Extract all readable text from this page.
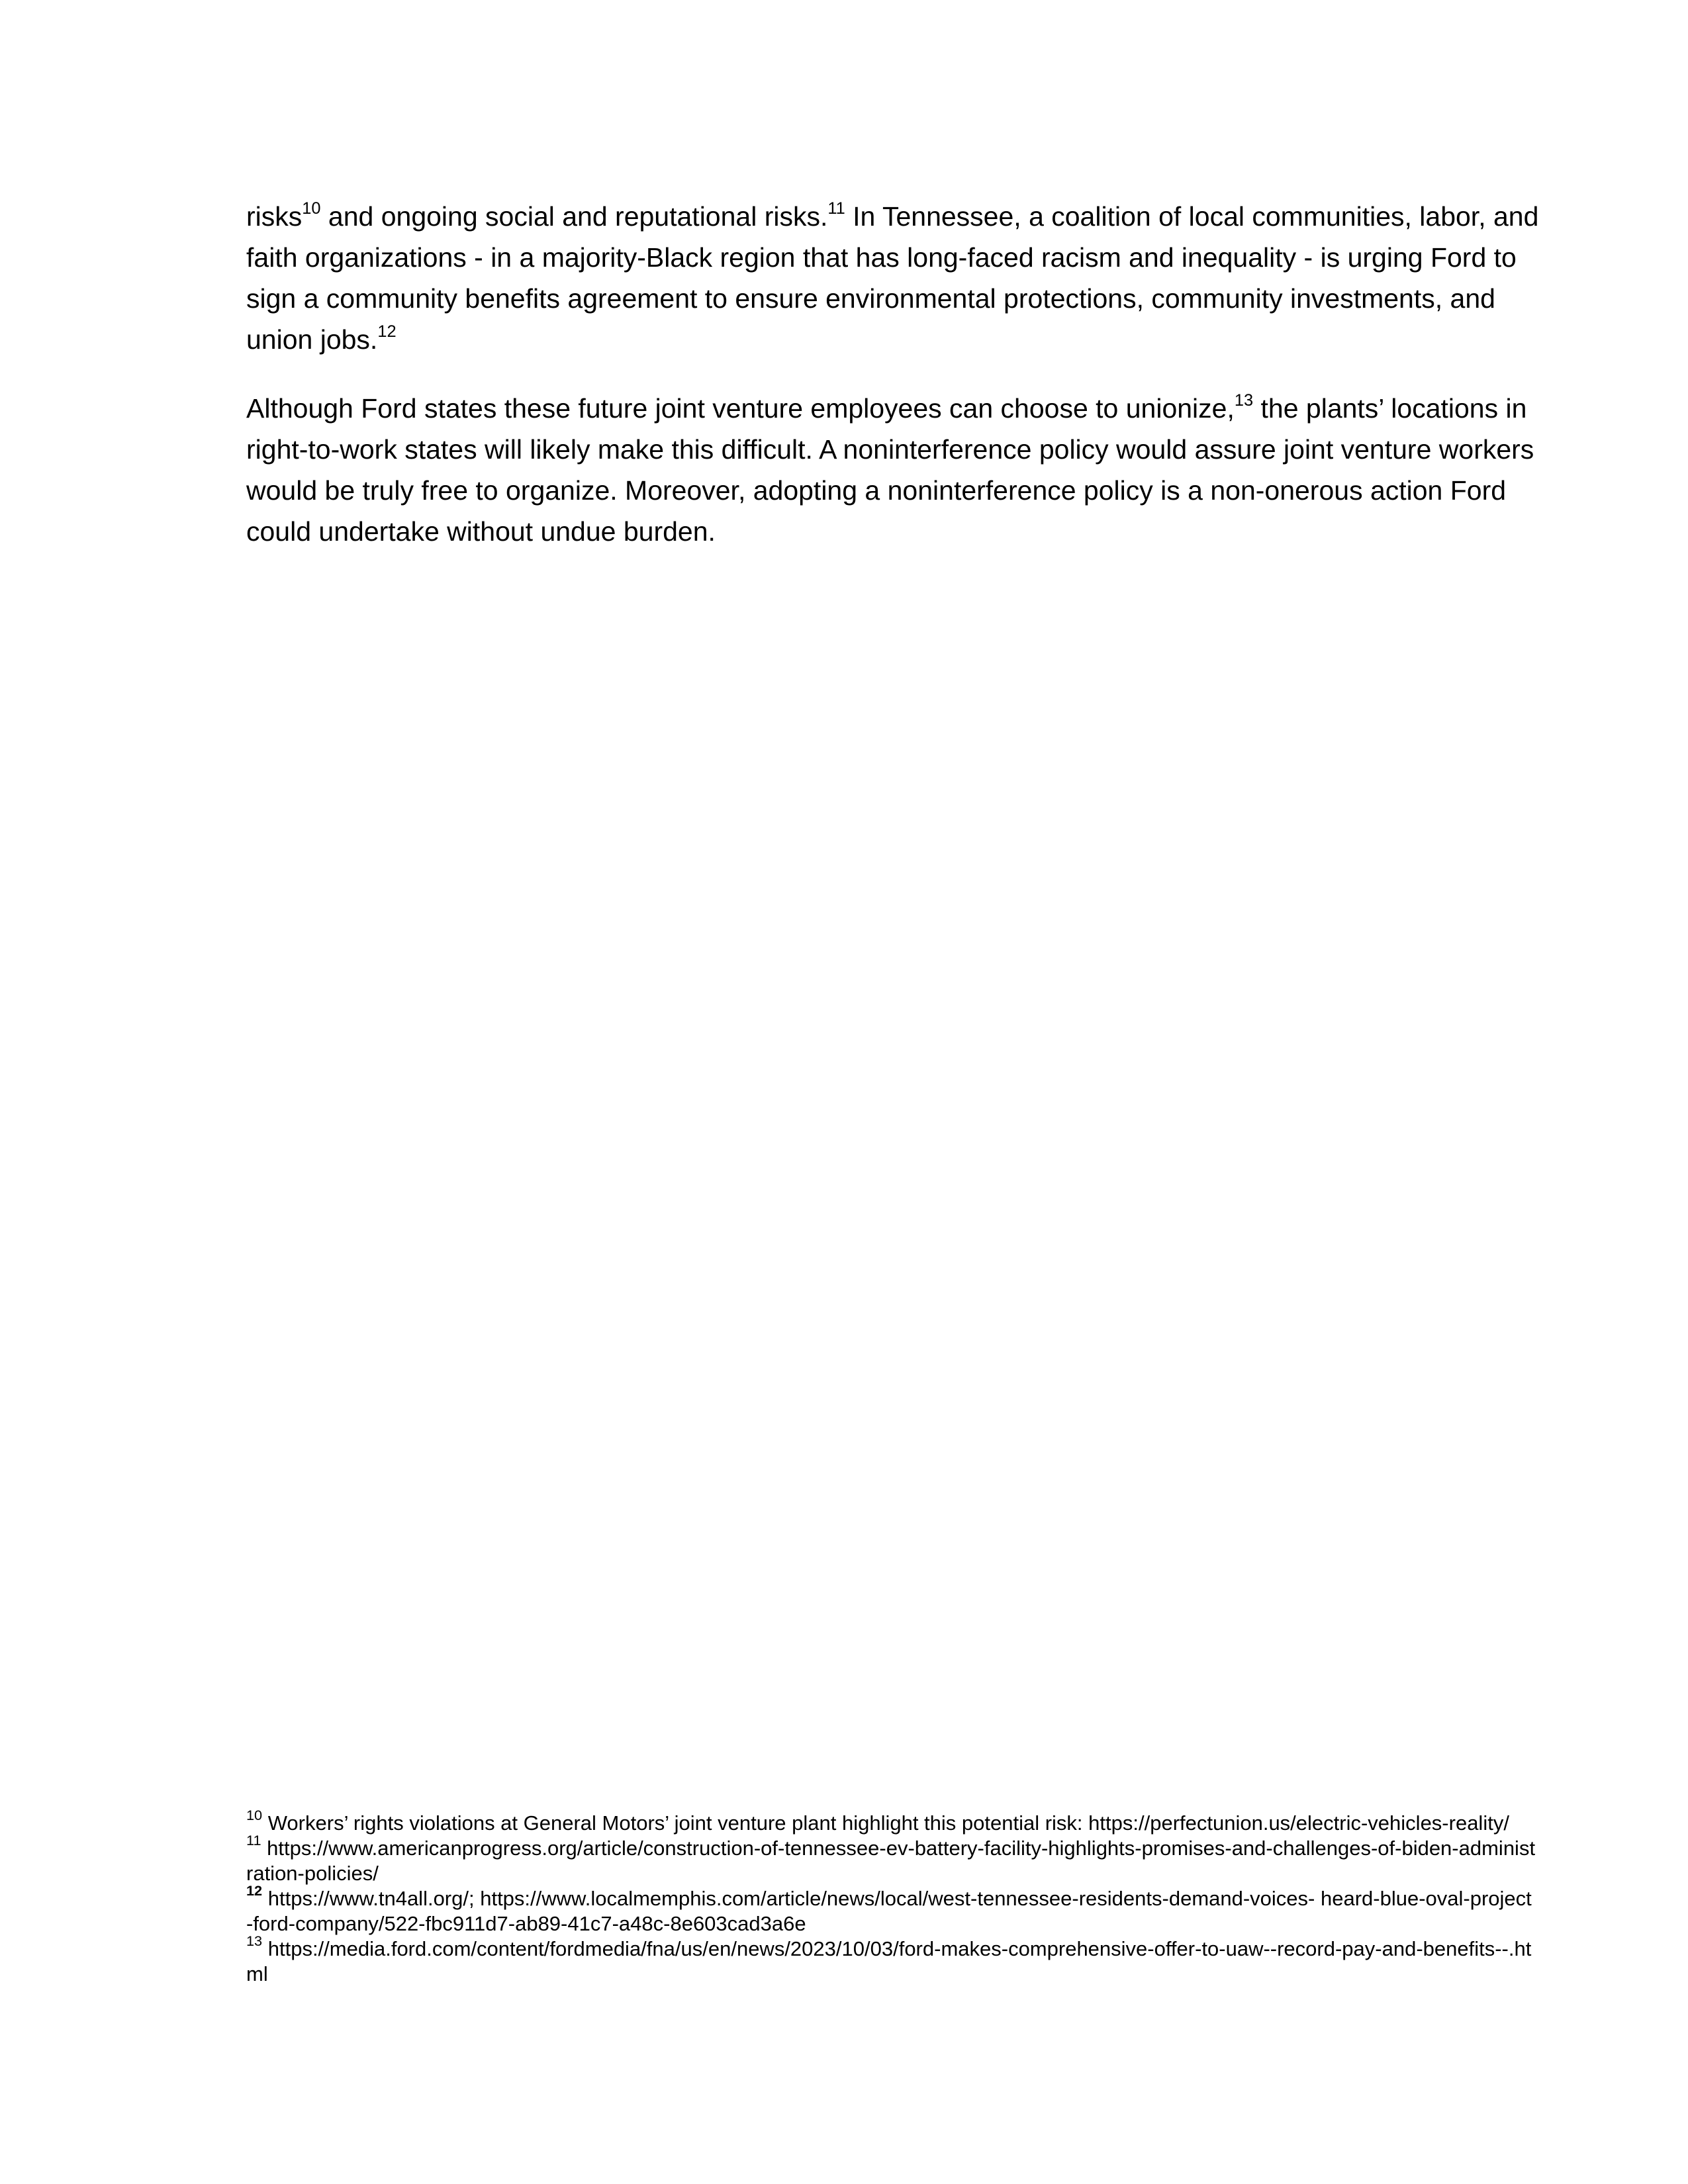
risks$^{10}$ and ongoing social and reputational risks.$^{11}$ In Tennessee, a coalition of local communities, labor, and faith organizations - in a majority-Black region that has long-faced racism and inequality - is urging Ford to sign a community benefits agreement to ensure environmental protections, community investments, and union jobs.$^{12}$

Although Ford states these future joint venture employees can choose to unionize,$^{13}$ the plants’ locations in right-to-work states will likely make this difficult. A noninterference policy would assure joint venture workers would be truly free to organize. Moreover, adopting a noninterference policy is a non-onerous action Ford could undertake without undue burden.

$^{10}$ Workers’ rights violations at General Motors’ joint venture plant highlight this potential risk: https://perfectunion.us/electric-vehicles-reality/

$^{11}$ https://www.americanprogress.org/article/construction-of-tennessee-ev-battery-facility-highlights-promises-and-challenges-of-biden-administration-policies/

$^{12}$ https://www.tn4all.org/; https://www.localmemphis.com/article/news/local/west-tennessee-residents-demand-voices- heard-blue-oval-project-ford-company/522-fbc911d7-ab89-41c7-a48c-8e603cad3a6e

$^{13}$ https://media.ford.com/content/fordmedia/fna/us/en/news/2023/10/03/ford-makes-comprehensive-offer-to-uaw--record-pay-and-benefits--.html
